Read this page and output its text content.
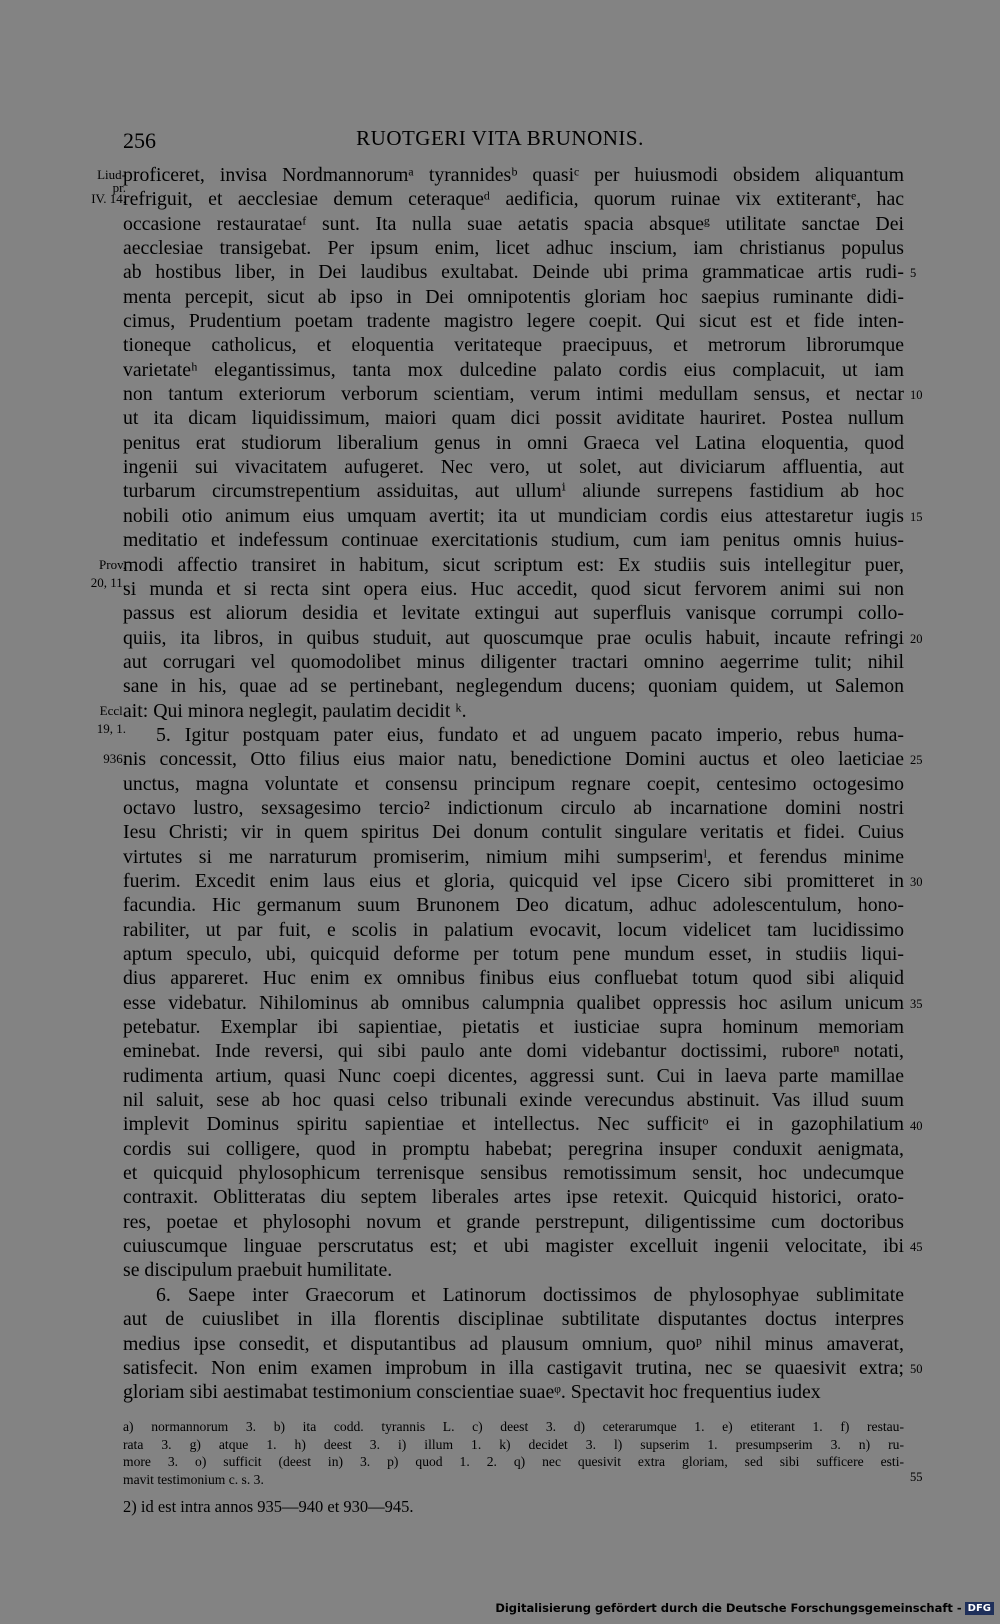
256	RUOTGERI VITA BRUNONIS.
proficeret, invisa Nordmannorumᵃ tyrannidesᵇ quasiᶜ per huiusmodi obsidem aliquantum
refriguit, et aecclesiae demum ceteraqueᵈ aedificia, quorum ruinae vix extiterantᵉ, hac
occasione restaurataeᶠ sunt. Ita nulla suae aetatis spacia absqueᵍ utilitate sanctae Dei
aecclesiae transigebat. Per ipsum enim, licet adhuc inscium, iam christianus populus
ab hostibus liber, in Dei laudibus exultabat. Deinde ubi prima grammaticae artis rudi-
menta percepit, sicut ab ipso in Dei omnipotentis gloriam hoc saepius ruminante didi-
cimus, Prudentium poetam tradente magistro legere coepit. Qui sicut est et fide inten-
tioneque catholicus, et eloquentia veritateque praecipuus, et metrorum librorumque
varietateʰ elegantissimus, tanta mox dulcedine palato cordis eius complacuit, ut iam
non tantum exteriorum verborum scientiam, verum intimi medullam sensus, et nectar
ut ita dicam liquidissimum, maiori quam dici possit aviditate hauriret. Postea nullum
penitus erat studiorum liberalium genus in omni Graeca vel Latina eloquentia, quod
ingenii sui vivacitatem aufugeret. Nec vero, ut solet, aut diviciarum affluentia, aut
turbarum circumstrepentium assiduitas, aut ullumⁱ aliunde surrepens fastidium ab hoc
nobili otio animum eius umquam avertit; ita ut mundiciam cordis eius attestaretur iugis
meditatio et indefessum continuae exercitationis studium, cum iam penitus omnis huius-
modi affectio transiret in habitum, sicut scriptum est: Ex studiis suis intellegitur puer,
si munda et si recta sint opera eius. Huc accedit, quod sicut fervorem animi sui non
passus est aliorum desidia et levitate extingui aut superfluis vanisque corrumpi collo-
quiis, ita libros, in quibus studuit, aut quoscumque prae oculis habuit, incaute refringi
aut corrugari vel quomodolibet minus diligenter tractari omnino aegerrime tulit; nihil
sane in his, quae ad se pertinebant, neglegendum ducens; quoniam quidem, ut Salemon
ait: Qui minora neglegit, paulatim decidit ᵏ.
5. Igitur postquam pater eius, fundato et ad unguem pacato imperio, rebus huma-
nis concessit, Otto filius eius maior natu, benedictione Domini auctus et oleo laeticiae
unctus, magna voluntate et consensu principum regnare coepit, centesimo octogesimo
octavo lustro, sexsagesimo tercio² indictionum circulo ab incarnatione domini nostri
Iesu Christi; vir in quem spiritus Dei donum contulit singulare veritatis et fidei. Cuius
virtutes si me narraturum promiserim, nimium mihi sumpserimˡ, et ferendus minime
fuerim. Excedit enim laus eius et gloria, quicquid vel ipse Cicero sibi promitteret in
facundia. Hic germanum suum Brunonem Deo dicatum, adhuc adolescentulum, hono-
rabiliter, ut par fuit, e scolis in palatium evocavit, locum videlicet tam lucidissimo
aptum speculo, ubi, quicquid deforme per totum pene mundum esset, in studiis liqui-
dius appareret. Huc enim ex omnibus finibus eius confluebat totum quod sibi aliquid
esse videbatur. Nihilominus ab omnibus calumpnia qualibet oppressis hoc asilum unicum
petebatur. Exemplar ibi sapientiae, pietatis et iusticiae supra hominum memoriam
eminebat. Inde reversi, qui sibi paulo ante domi videbantur doctissimi, ruboreⁿ notati,
rudimenta artium, quasi Nunc coepi dicentes, aggressi sunt. Cui in laeva parte mamillae
nil saluit, sese ab hoc quasi celso tribunali exinde verecundus abstinuit. Vas illud suum
implevit Dominus spiritu sapientiae et intellectus. Nec sufficitᵒ ei in gazophilatium
cordis sui colligere, quod in promptu habebat; peregrina insuper conduxit aenigmata,
et quicquid phylosophicum terrenisque sensibus remotissimum sensit, hoc undecumque
contraxit. Oblitteratas diu septem liberales artes ipse retexit. Quicquid historici, orato-
res, poetae et phylosophi novum et grande perstrepunt, diligentissime cum doctoribus
cuiuscumque linguae perscrutatus est; et ubi magister excelluit ingenii velocitate, ibi
se discipulum praebuit humilitate.
6. Saepe inter Graecorum et Latinorum doctissimos de phylosophyae sublimitate
aut de cuiuslibet in illa florentis disciplinae subtilitate disputantes doctus interpres
medius ipse consedit, et disputantibus ad plausum omnium, quoᵖ nihil minus amaverat,
satisfecit. Non enim examen improbum in illa castigavit trutina, nec se quaesivit extra;
gloriam sibi aestimabat testimonium conscientiae suaeᵠ. Spectavit hoc frequentius iudex
Liud-
pr.
IV. 14.
Prov.
20, 11.
Eccl.
19, 1.
936.
5
10
15
20
25
30
35
40
45
50
a) normannorum 3. b) ita codd. tyrannis L. c) deest 3. d) ceterarumque 1. e) etiterant 1. f) restau-
rata 3. g) atque 1. h) deest 3. i) illum 1. k) decidet 3. l) supserim 1. presumpserim 3. n) ru-
more 3. o) sufficit (deest in) 3. p) quod 1. 2. q) nec quesivit extra gloriam, sed sibi sufficere esti-
mavit testimonium c. s. 3.	55
2) id est intra annos 935—940 et 930—945.
Digitalisierung gefördert durch die Deutsche Forschungsgemeinschaft - DFG
